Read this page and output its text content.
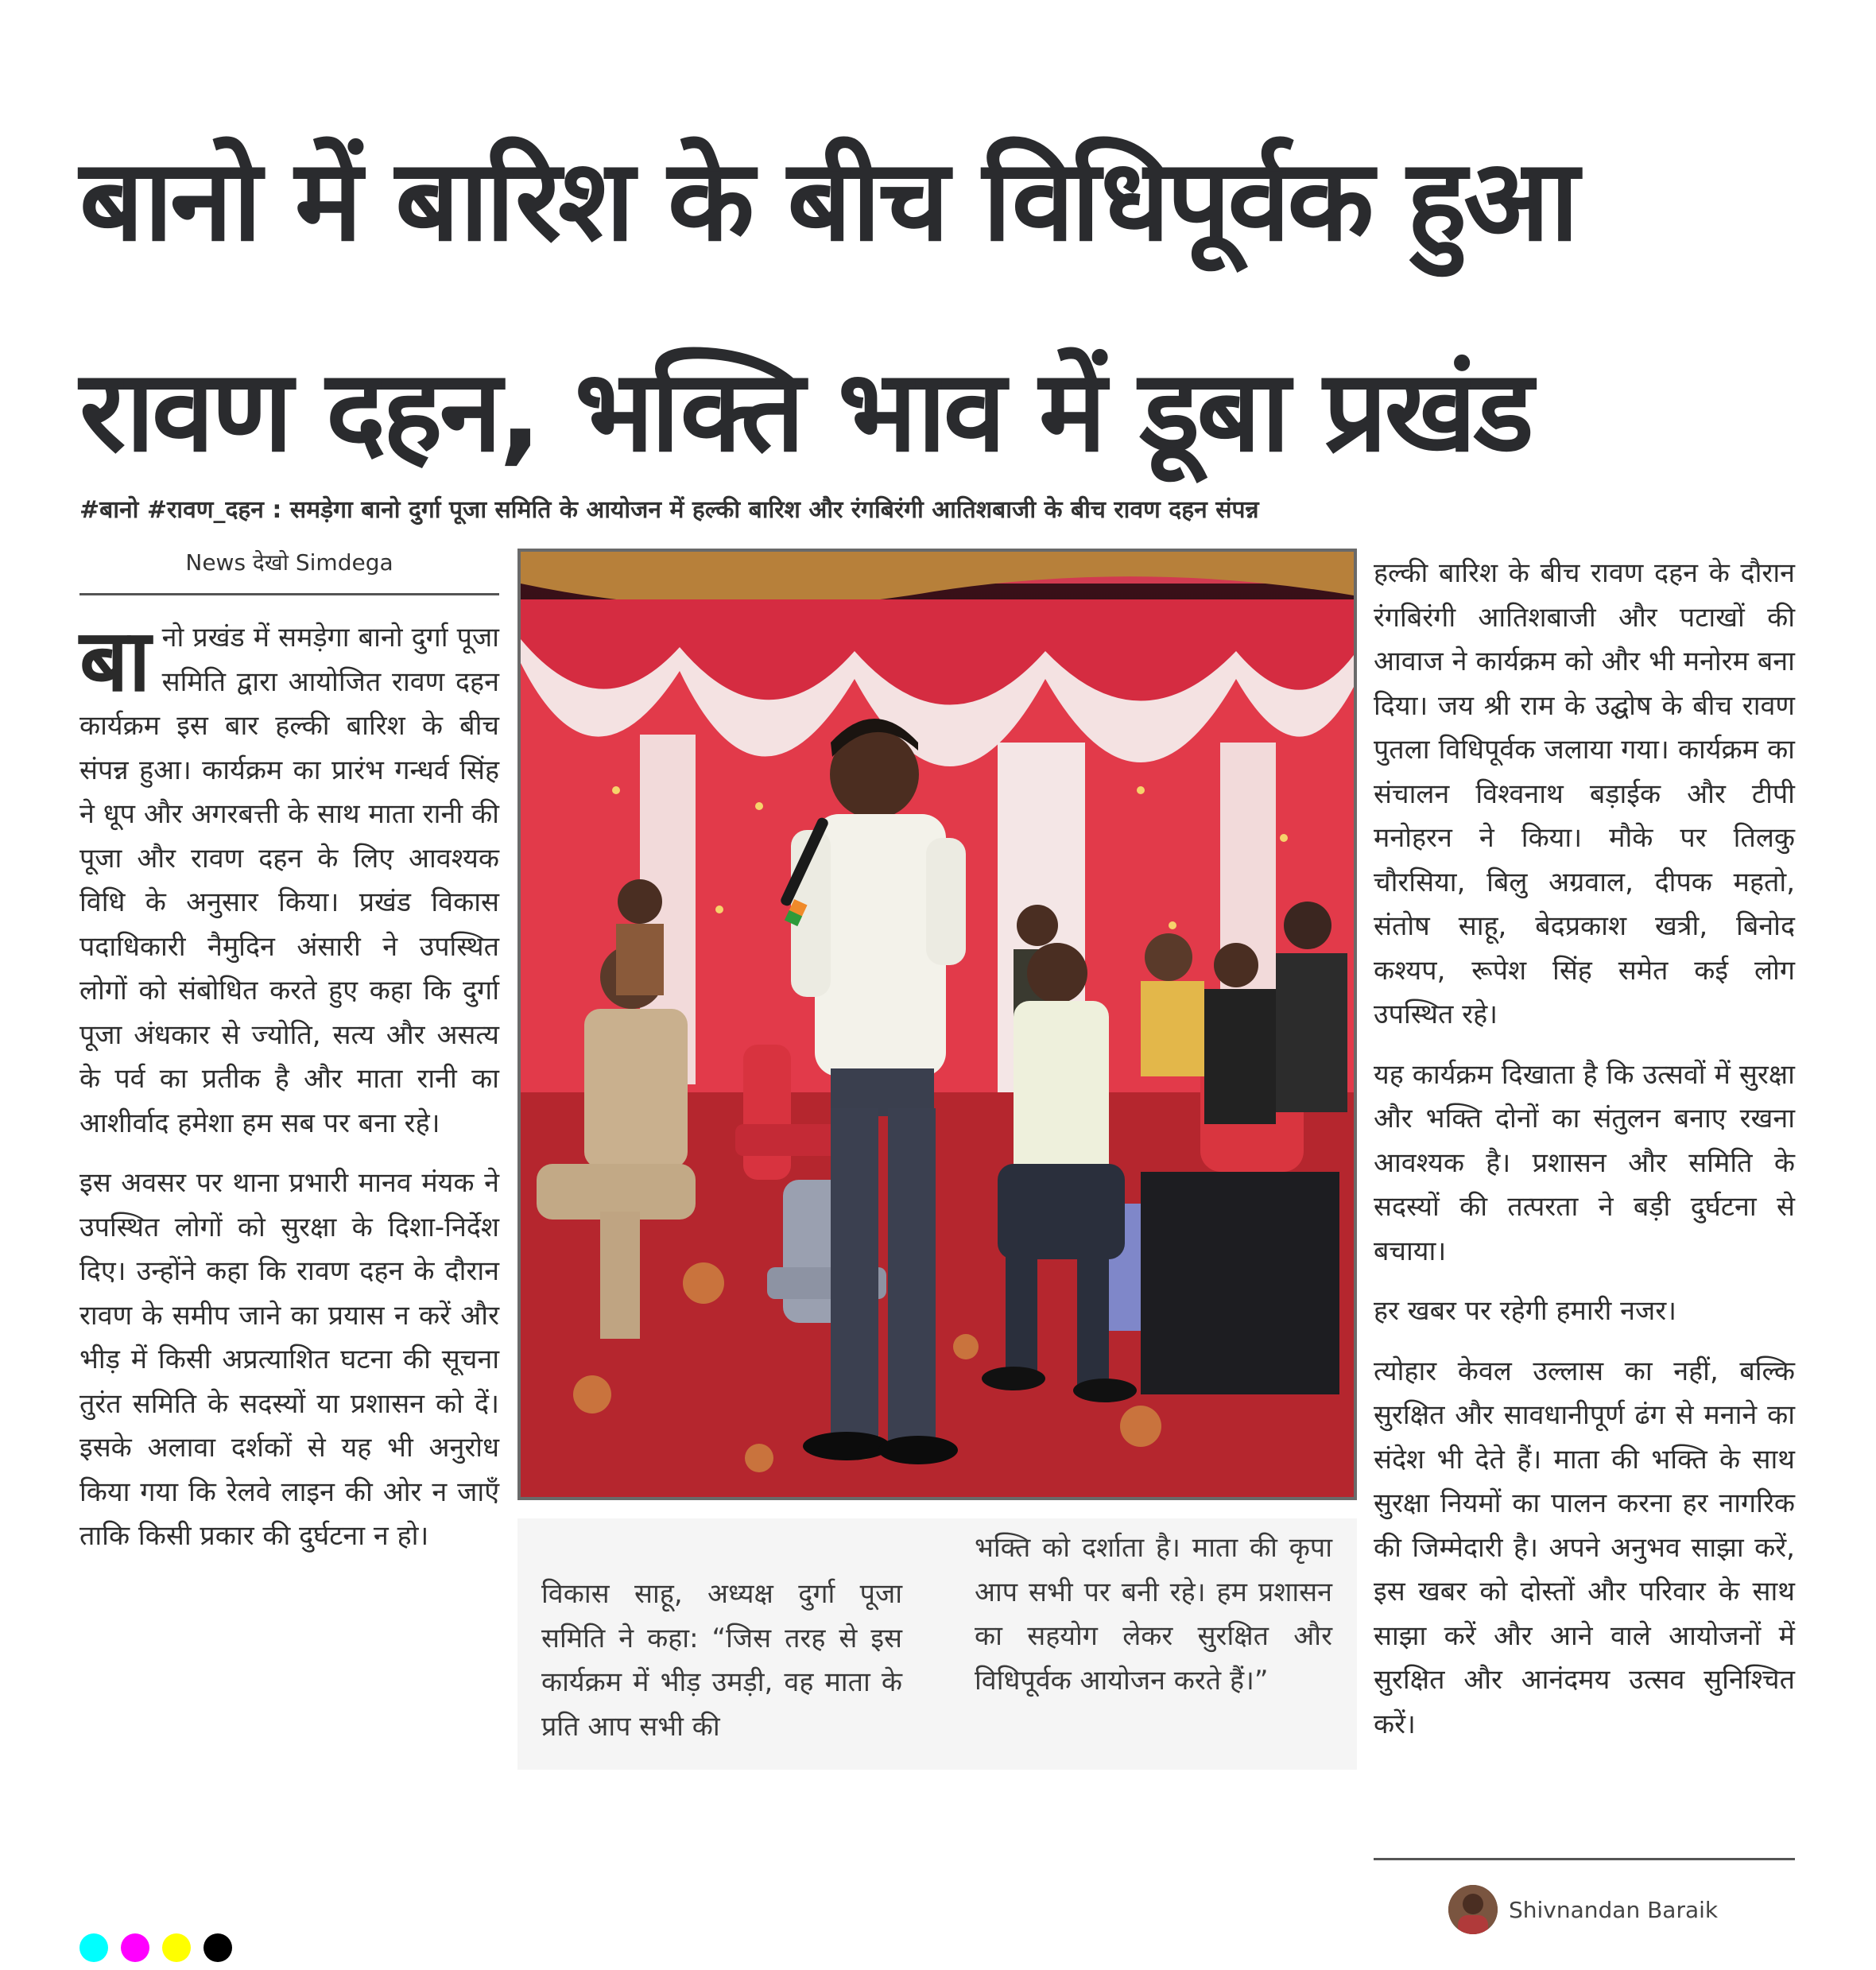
बानो में बारिश के बीच विधिपूर्वक हुआ
रावण दहन, भक्ति भाव में डूबा प्रखंड
#बानो #रावण_दहन : समड़ेगा बानो दुर्गा पूजा समिति के आयोजन में हल्की बारिश और रंगबिरंगी आतिशबाजी के बीच रावण दहन संपन्न
News देखो Simdega

बानो प्रखंड में समड़ेगा बानो दुर्गा पूजा समिति द्वारा आयोजित रावण दहन कार्यक्रम इस बार हल्की बारिश के बीच संपन्न हुआ। कार्यक्रम का प्रारंभ गन्धर्व सिंह ने धूप और अगरबत्ती के साथ माता रानी की पूजा और रावण दहन के लिए आवश्यक विधि के अनुसार किया। प्रखंड विकास पदाधिकारी नैमुदिन अंसारी ने उपस्थित लोगों को संबोधित करते हुए कहा कि दुर्गा पूजा अंधकार से ज्योति, सत्य और असत्य के पर्व का प्रतीक है और माता रानी का आशीर्वाद हमेशा हम सब पर बना रहे।

इस अवसर पर थाना प्रभारी मानव मंयक ने उपस्थित लोगों को सुरक्षा के दिशा-निर्देश दिए। उन्होंने कहा कि रावण दहन के दौरान रावण के समीप जाने का प्रयास न करें और भीड़ में किसी अप्रत्याशित घटना की सूचना तुरंत समिति के सदस्यों या प्रशासन को दें। इसके अलावा दर्शकों से यह भी अनुरोध किया गया कि रेलवे लाइन की ओर न जाएँ ताकि किसी प्रकार की दुर्घटना न हो।

विकास साहू, अध्यक्ष दुर्गा पूजा समिति ने कहा: “जिस तरह से इस कार्यक्रम में भीड़ उमड़ी, वह माता के प्रति आप सभी की
भक्ति को दर्शाता है। माता की कृपा आप सभी पर बनी रहे। हम प्रशासन का सहयोग लेकर सुरक्षित और विधिपूर्वक आयोजन करते हैं।”

हल्की बारिश के बीच रावण दहन के दौरान रंगबिरंगी आतिशबाजी और पटाखों की आवाज ने कार्यक्रम को और भी मनोरम बना दिया। जय श्री राम के उद्घोष के बीच रावण पुतला विधिपूर्वक जलाया गया। कार्यक्रम का संचालन विश्वनाथ बड़ाईक और टीपी मनोहरन ने किया। मौके पर तिलकु चौरसिया, बिलु अग्रवाल, दीपक महतो, संतोष साहू, बेदप्रकाश खत्री, बिनोद कश्यप, रूपेश सिंह समेत कई लोग उपस्थित रहे।

यह कार्यक्रम दिखाता है कि उत्सवों में सुरक्षा और भक्ति दोनों का संतुलन बनाए रखना आवश्यक है। प्रशासन और समिति के सदस्यों की तत्परता ने बड़ी दुर्घटना से बचाया।

हर खबर पर रहेगी हमारी नजर।

त्योहार केवल उल्लास का नहीं, बल्कि सुरक्षित और सावधानीपूर्ण ढंग से मनाने का संदेश भी देते हैं। माता की भक्ति के साथ सुरक्षा नियमों का पालन करना हर नागरिक की जिम्मेदारी है। अपने अनुभव साझा करें, इस खबर को दोस्तों और परिवार के साथ साझा करें और आने वाले आयोजनों में सुरक्षित और आनंदमय उत्सव सुनिश्चित करें।

Shivnandan Baraik
